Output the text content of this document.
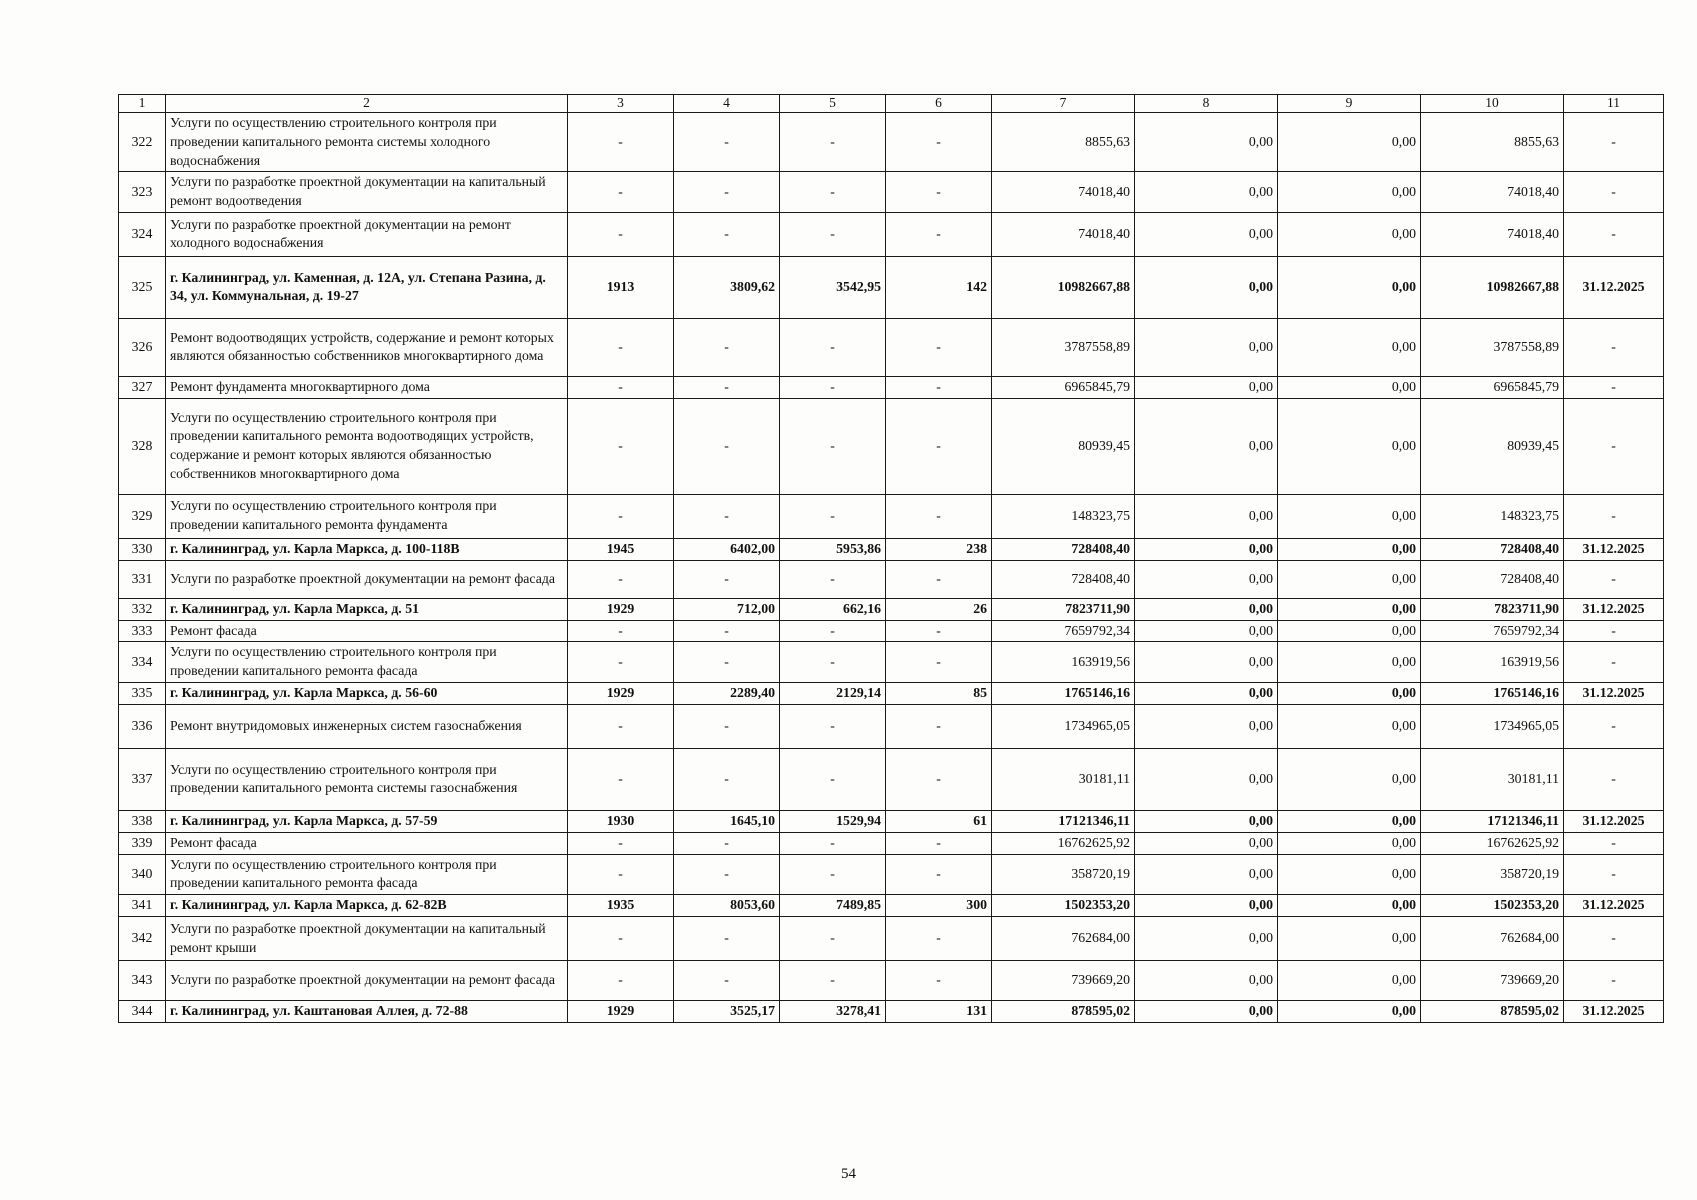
1	2	3	4	5	6	7	8	9	10	11
322	Услуги по осуществлению строительного контроля при проведении капитального ремонта системы холодного водоснабжения	-	-	-	-	8855,63	0,00	0,00	8855,63	-
323	Услуги по разработке проектной документации на капитальный ремонт водоотведения	-	-	-	-	74018,40	0,00	0,00	74018,40	-
324	Услуги по разработке проектной документации на ремонт холодного водоснабжения	-	-	-	-	74018,40	0,00	0,00	74018,40	-
325	г. Калининград, ул. Каменная, д. 12А, ул. Степана Разина, д. 34, ул. Коммунальная, д. 19-27	1913	3809,62	3542,95	142	10982667,88	0,00	0,00	10982667,88	31.12.2025
326	Ремонт водоотводящих устройств, содержание и ремонт которых являются обязанностью собственников многоквартирного дома	-	-	-	-	3787558,89	0,00	0,00	3787558,89	-
327	Ремонт фундамента многоквартирного дома	-	-	-	-	6965845,79	0,00	0,00	6965845,79	-
328	Услуги по осуществлению строительного контроля при проведении капитального ремонта водоотводящих устройств, содержание и ремонт которых являются обязанностью собственников многоквартирного дома	-	-	-	-	80939,45	0,00	0,00	80939,45	-
329	Услуги по осуществлению строительного контроля при проведении капитального ремонта фундамента	-	-	-	-	148323,75	0,00	0,00	148323,75	-
330	г. Калининград, ул. Карла Маркса, д. 100-118В	1945	6402,00	5953,86	238	728408,40	0,00	0,00	728408,40	31.12.2025
331	Услуги по разработке проектной документации на ремонт фасада	-	-	-	-	728408,40	0,00	0,00	728408,40	-
332	г. Калининград, ул. Карла Маркса, д. 51	1929	712,00	662,16	26	7823711,90	0,00	0,00	7823711,90	31.12.2025
333	Ремонт фасада	-	-	-	-	7659792,34	0,00	0,00	7659792,34	-
334	Услуги по осуществлению строительного контроля при проведении капитального ремонта фасада	-	-	-	-	163919,56	0,00	0,00	163919,56	-
335	г. Калининград, ул. Карла Маркса, д. 56-60	1929	2289,40	2129,14	85	1765146,16	0,00	0,00	1765146,16	31.12.2025
336	Ремонт внутридомовых инженерных систем газоснабжения	-	-	-	-	1734965,05	0,00	0,00	1734965,05	-
337	Услуги по осуществлению строительного контроля при проведении капитального ремонта системы газоснабжения	-	-	-	-	30181,11	0,00	0,00	30181,11	-
338	г. Калининград, ул. Карла Маркса, д. 57-59	1930	1645,10	1529,94	61	17121346,11	0,00	0,00	17121346,11	31.12.2025
339	Ремонт фасада	-	-	-	-	16762625,92	0,00	0,00	16762625,92	-
340	Услуги по осуществлению строительного контроля при проведении капитального ремонта фасада	-	-	-	-	358720,19	0,00	0,00	358720,19	-
341	г. Калининград, ул. Карла Маркса, д. 62-82В	1935	8053,60	7489,85	300	1502353,20	0,00	0,00	1502353,20	31.12.2025
342	Услуги по разработке проектной документации на капитальный ремонт крыши	-	-	-	-	762684,00	0,00	0,00	762684,00	-
343	Услуги по разработке проектной документации на ремонт фасада	-	-	-	-	739669,20	0,00	0,00	739669,20	-
344	г. Калининград, ул. Каштановая Аллея, д. 72-88	1929	3525,17	3278,41	131	878595,02	0,00	0,00	878595,02	31.12.2025
54
